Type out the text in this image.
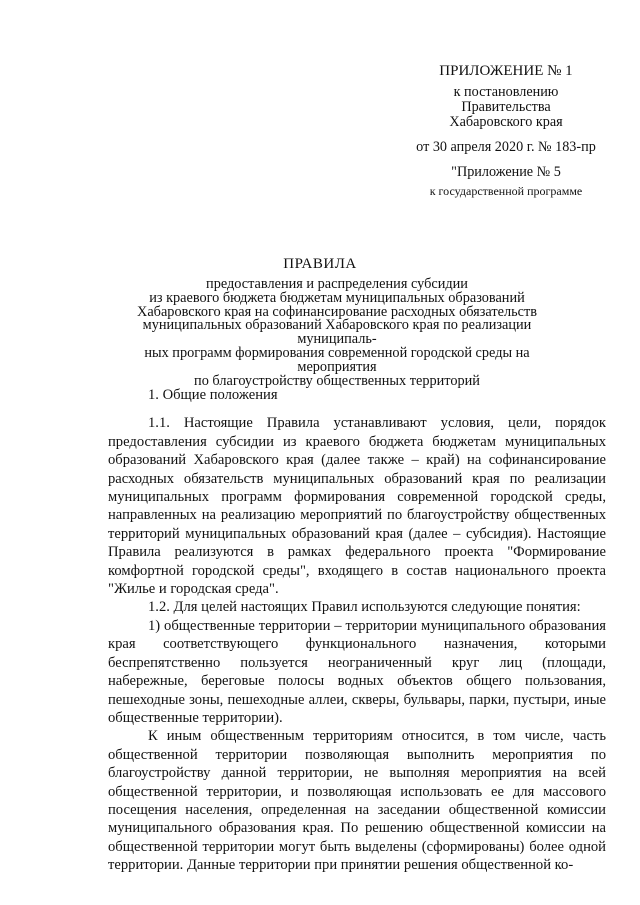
ПРИЛОЖЕНИЕ № 1
к постановлению
Правительства
Хабаровского края
от 30 апреля 2020 г. № 183-пр
"Приложение № 5
к государственной программе
ПРАВИЛА
предоставления и распределения субсидии
из краевого бюджета бюджетам муниципальных образований
Хабаровского края на софинансирование расходных обязательств
муниципальных образований Хабаровского края по реализации муниципаль-
ных программ формирования современной городской среды на мероприятия
по благоустройству общественных территорий

1. Общие положения

1.1. Настоящие Правила устанавливают условия, цели, порядок предоставления субсидии из краевого бюджета бюджетам муниципальных образований Хабаровского края (далее также – край) на софинансирование расходных обязательств муниципальных образований края по реализации муниципальных программ формирования современной городской среды, направленных на реализацию мероприятий по благоустройству общественных территорий муниципальных образований края (далее – субсидия). Настоящие Правила реализуются в рамках федерального проекта "Формирование комфортной городской среды", входящего в состав национального проекта "Жилье и городская среда".

1.2. Для целей настоящих Правил используются следующие понятия:

1) общественные территории – территории муниципального образования края соответствующего функционального назначения, которыми беспрепятственно пользуется неограниченный круг лиц (площади, набережные, береговые полосы водных объектов общего пользования, пешеходные зоны, пешеходные аллеи, скверы, бульвары, парки, пустыри, иные общественные территории).

К иным общественным территориям относится, в том числе, часть общественной территории позволяющая выполнить мероприятия по благоустройству данной территории, не выполняя мероприятия на всей общественной территории, и позволяющая использовать ее для массового посещения населения, определенная на заседании общественной комиссии муниципального образования края. По решению общественной комиссии на общественной территории могут быть выделены (сформированы) более одной территории. Данные территории при принятии решения общественной ко-
